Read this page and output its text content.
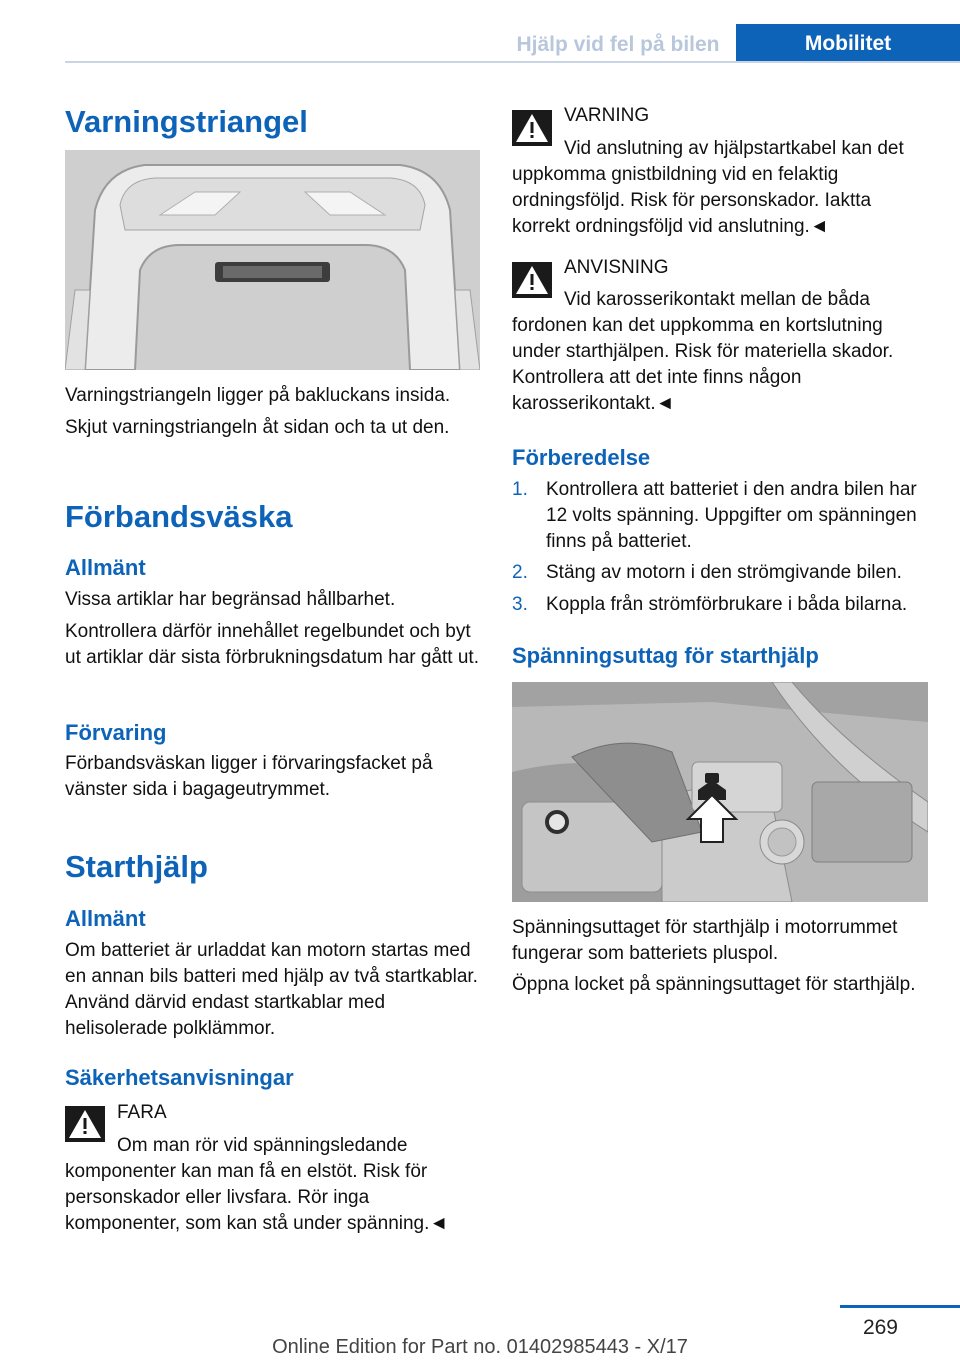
Hjälp vid fel på bilen	Mobilitet
Varningstriangel

Varningstriangeln ligger på bakluckans insida.

Skjut varningstriangeln åt sidan och ta ut den.

Förbandsväska
Allmänt

Vissa artiklar har begränsad hållbarhet.

Kontrollera därför innehållet regelbundet och byt ut artiklar där sista förbrukningsdatum har gått ut.

Förvaring

Förbandsväskan ligger i förvaringsfacket på vänster sida i bagageutrymmet.

Starthjälp
Allmänt

Om batteriet är urladdat kan motorn startas med en annan bils batteri med hjälp av två startkablar. Använd därvid endast startkablar med helisolerade polklämmor.

Säkerhetsanvisningar
FARA

Om man rör vid spänningsledande komponenter kan man få en elstöt. Risk för personskador eller livsfara. Rör inga komponenter, som kan stå under spänning.◄

VARNING

Vid anslutning av hjälpstartkabel kan det uppkomma gnistbildning vid en felaktig ordningsföljd. Risk för personskador. Iaktta korrekt ordningsföljd vid anslutning.◄

ANVISNING

Vid karosserikontakt mellan de båda fordonen kan det uppkomma en kortslutning under starthjälpen. Risk för materiella skador. Kontrollera att det inte finns någon karosserikontakt.◄

Förberedelse
1. Kontrollera att batteriet i den andra bilen har 12 volts spänning. Uppgifter om spänningen finns på batteriet.
2. Stäng av motorn i den strömgivande bilen.
3. Koppla från strömförbrukare i båda bilarna.
Spänningsuttag för starthjälp

Spänningsuttaget för starthjälp i motorrummet fungerar som batteriets pluspol.

Öppna locket på spänningsuttaget för starthjälp.

269
Online Edition for Part no. 01402985443 - X/17
